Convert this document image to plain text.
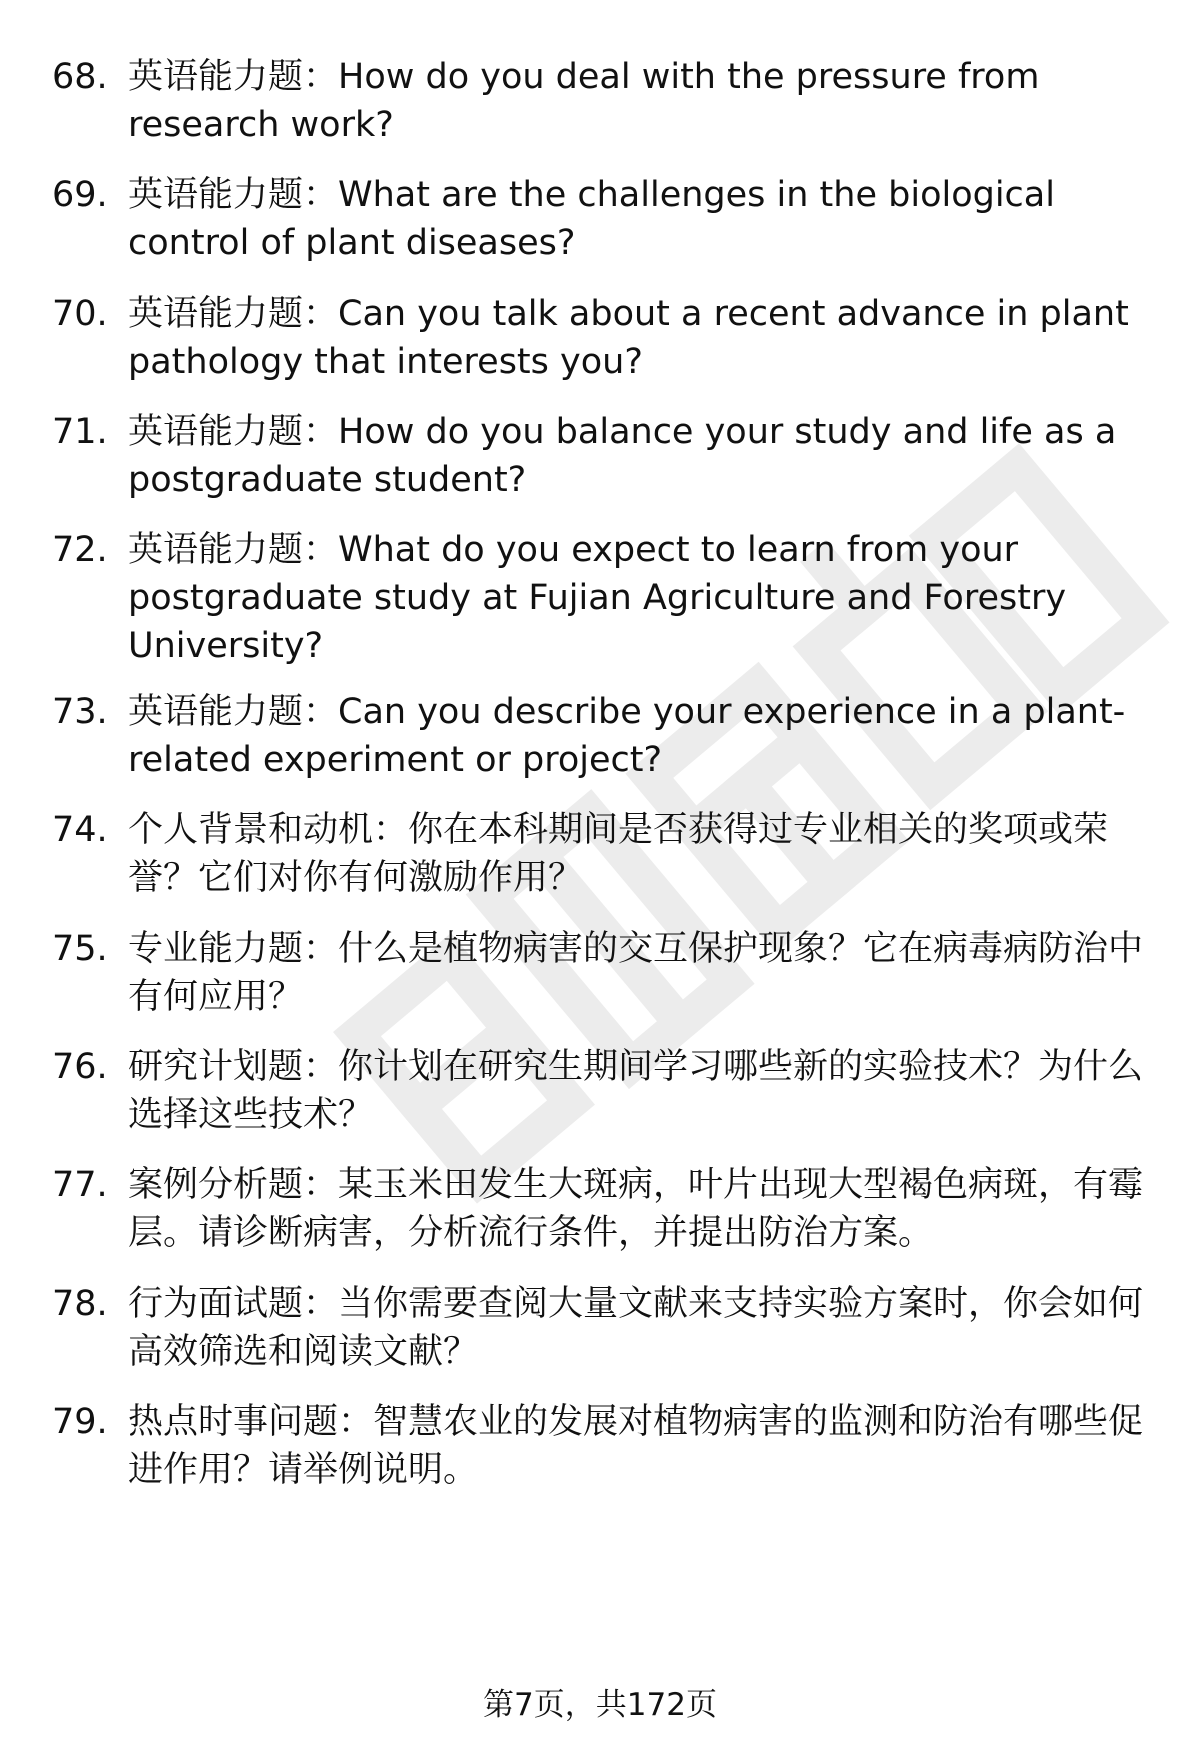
68. 英语能力题：How do you deal with the pressure from research work?
69. 英语能力题：What are the challenges in the biological control of plant diseases?
70. 英语能力题：Can you talk about a recent advance in plant pathology that interests you?
71. 英语能力题：How do you balance your study and life as a postgraduate student?
72. 英语能力题：What do you expect to learn from your postgraduate study at Fujian Agriculture and Forestry University?
73. 英语能力题：Can you describe your experience in a plant-related experiment or project?
74. 个人背景和动机：你在本科期间是否获得过专业相关的奖项或荣誉？它们对你有何激励作用？
75. 专业能力题：什么是植物病害的交互保护现象？它在病毒病防治中有何应用？
76. 研究计划题：你计划在研究生期间学习哪些新的实验技术？为什么选择这些技术？
77. 案例分析题：某玉米田发生大斑病，叶片出现大型褐色病斑，有霉层。请诊断病害，分析流行条件，并提出防治方案。
78. 行为面试题：当你需要查阅大量文献来支持实验方案时，你会如何高效筛选和阅读文献？
79. 热点时事问题：智慧农业的发展对植物病害的监测和防治有哪些促进作用？请举例说明。
第7页，共172页
